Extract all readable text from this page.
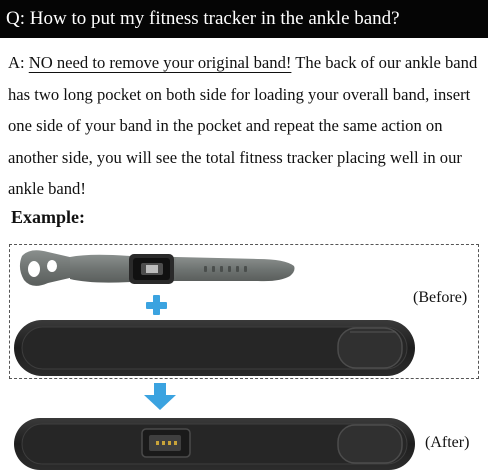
Q:
How to put my fitness tracker in the ankle band?
A: NO need to remove your original band! The back of our ankle band has two long pocket on both side for loading your overall band, insert one side of your band in the pocket and repeat the same action on another side, you will see the total fitness tracker placing well in our ankle band!
Example:
(Before)
(After)
